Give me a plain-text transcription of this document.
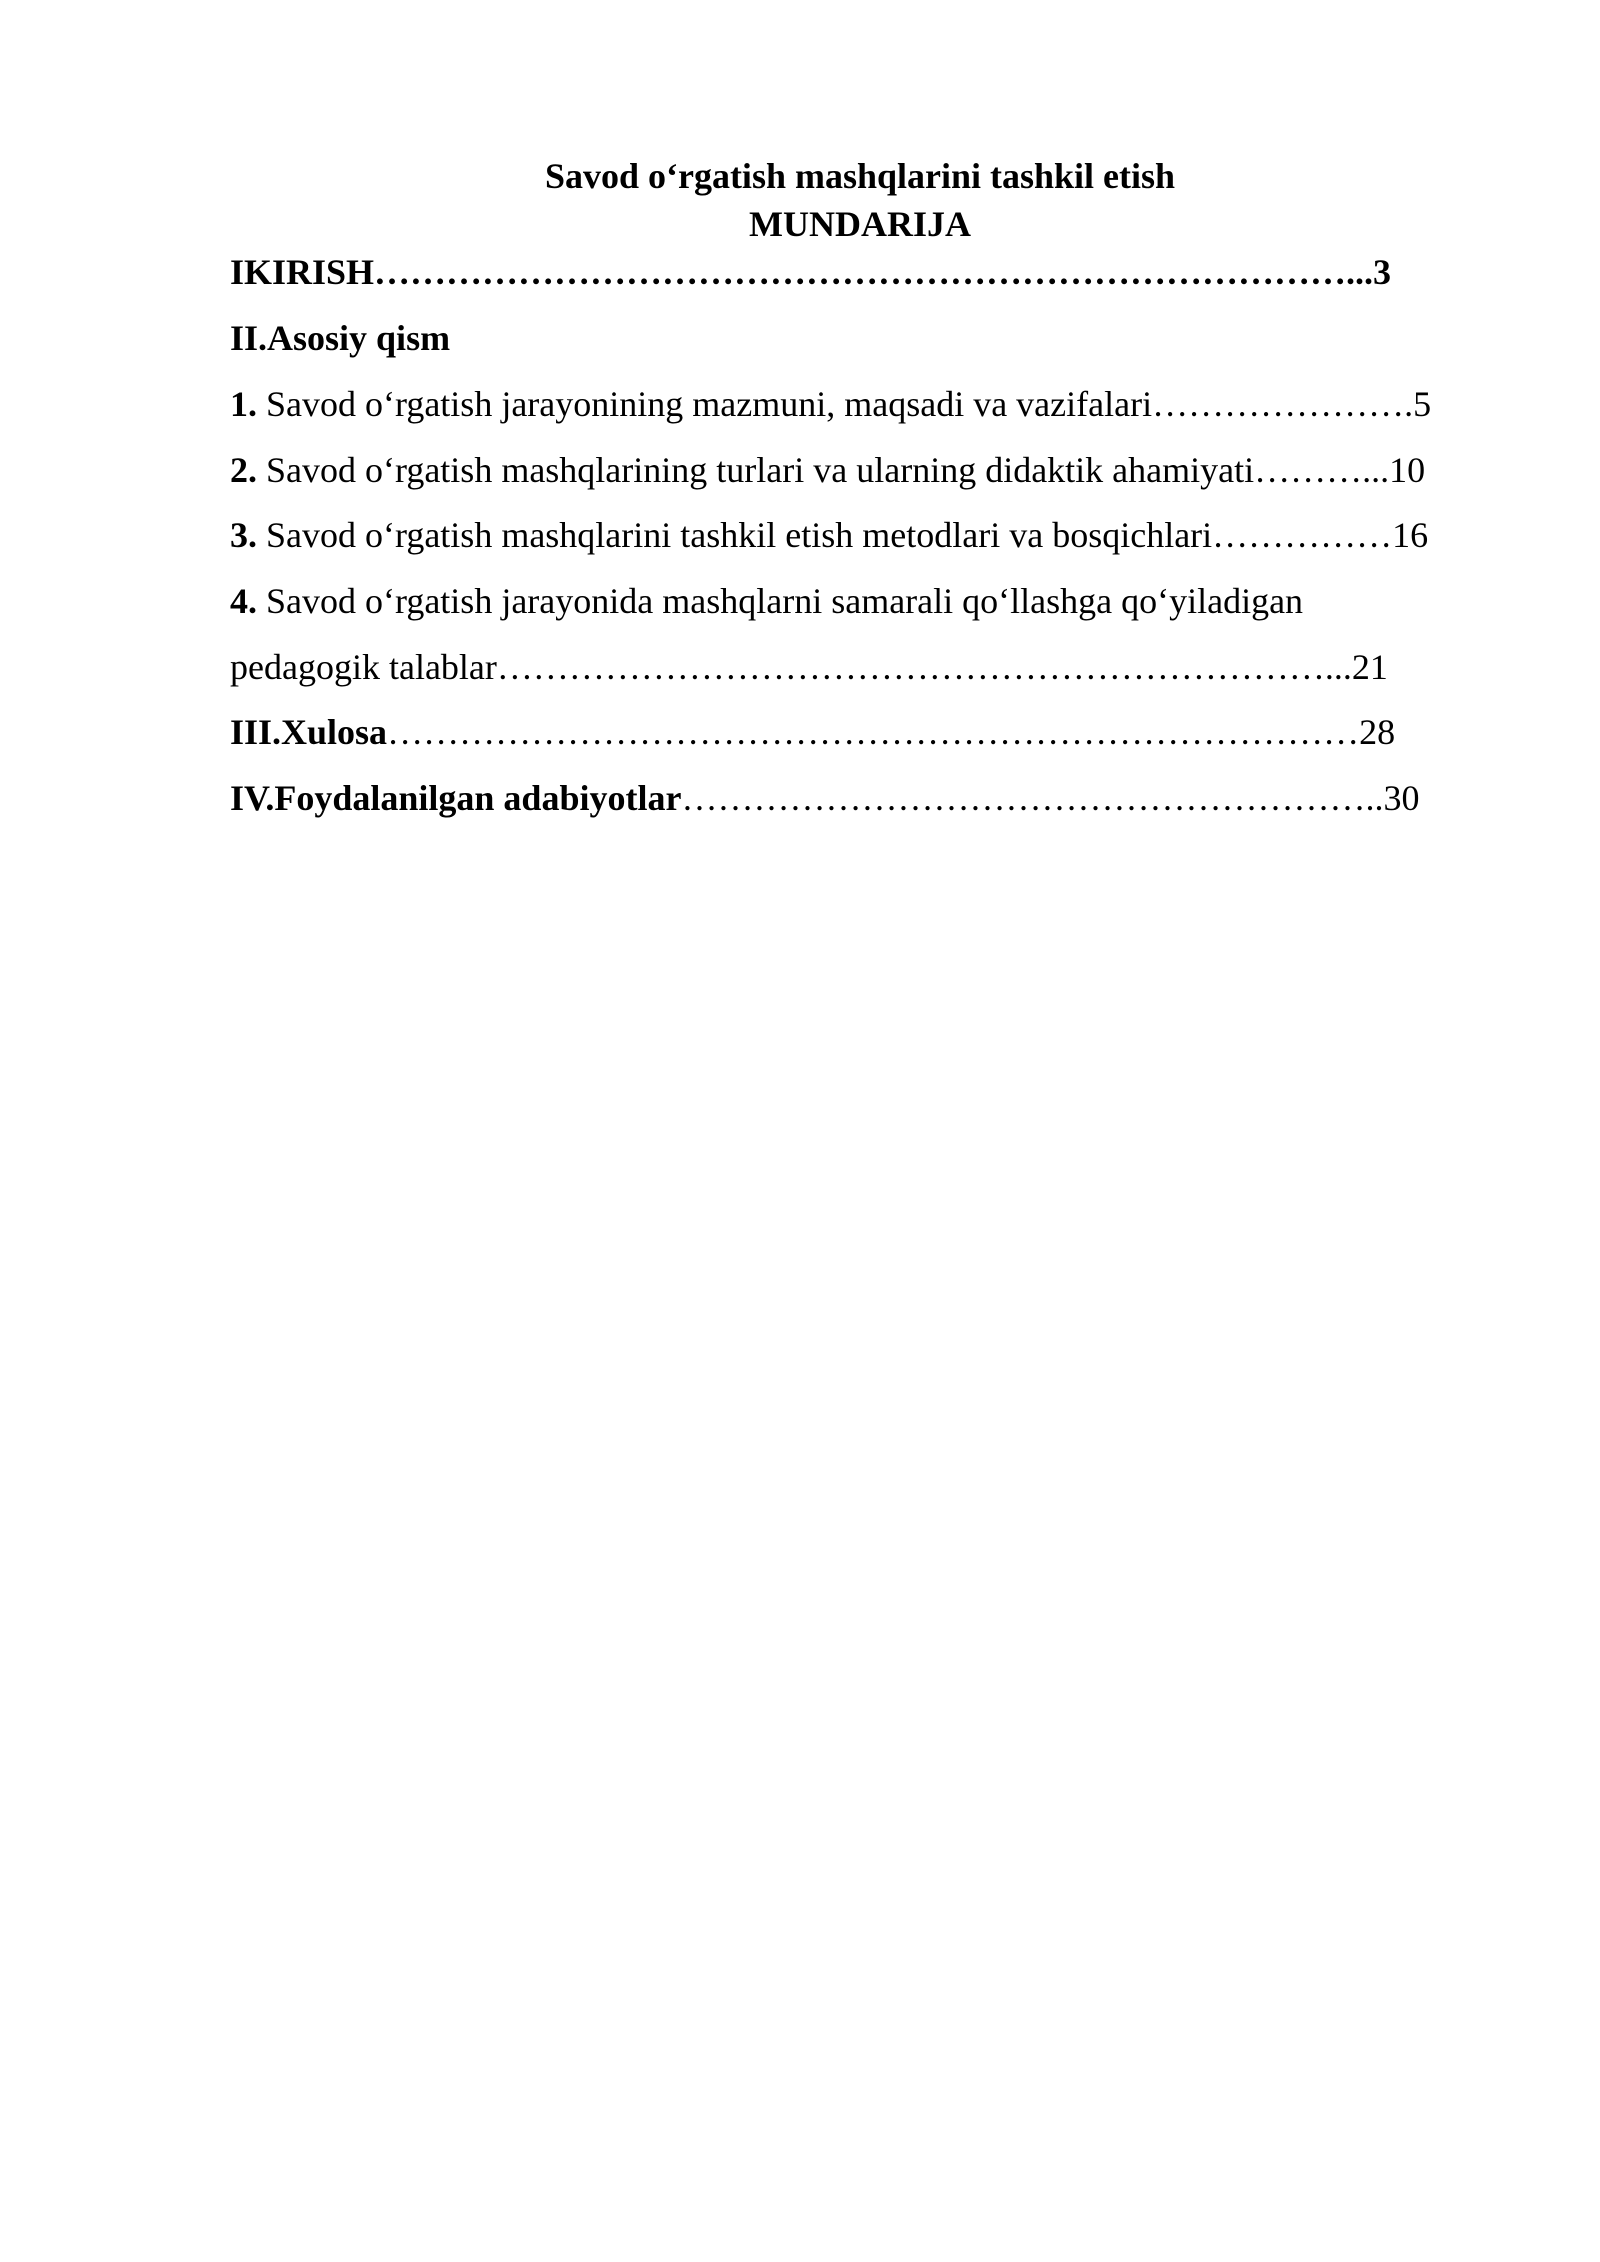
Savod o‘rgatish mashqlarini tashkil etish
MUNDARIJA
IKIRISH………………………………………………………………………...3
II.Asosiy qism
1. Savod o‘rgatish jarayonining mazmuni, maqsadi va vazifalari………………….5
2. Savod o‘rgatish mashqlarining turlari va ularning didaktik ahamiyati………...10
3. Savod o‘rgatish mashqlarini tashkil etish metodlari va bosqichlari……………16
4. Savod o‘rgatish jarayonida mashqlarni samarali qo‘llashga qo‘yiladigan
pedagogik talablar……………………………………………………………...21
III.Xulosa………………………………………………………………………28
IV.Foydalanilgan adabiyotlar…………………………………………………..30
